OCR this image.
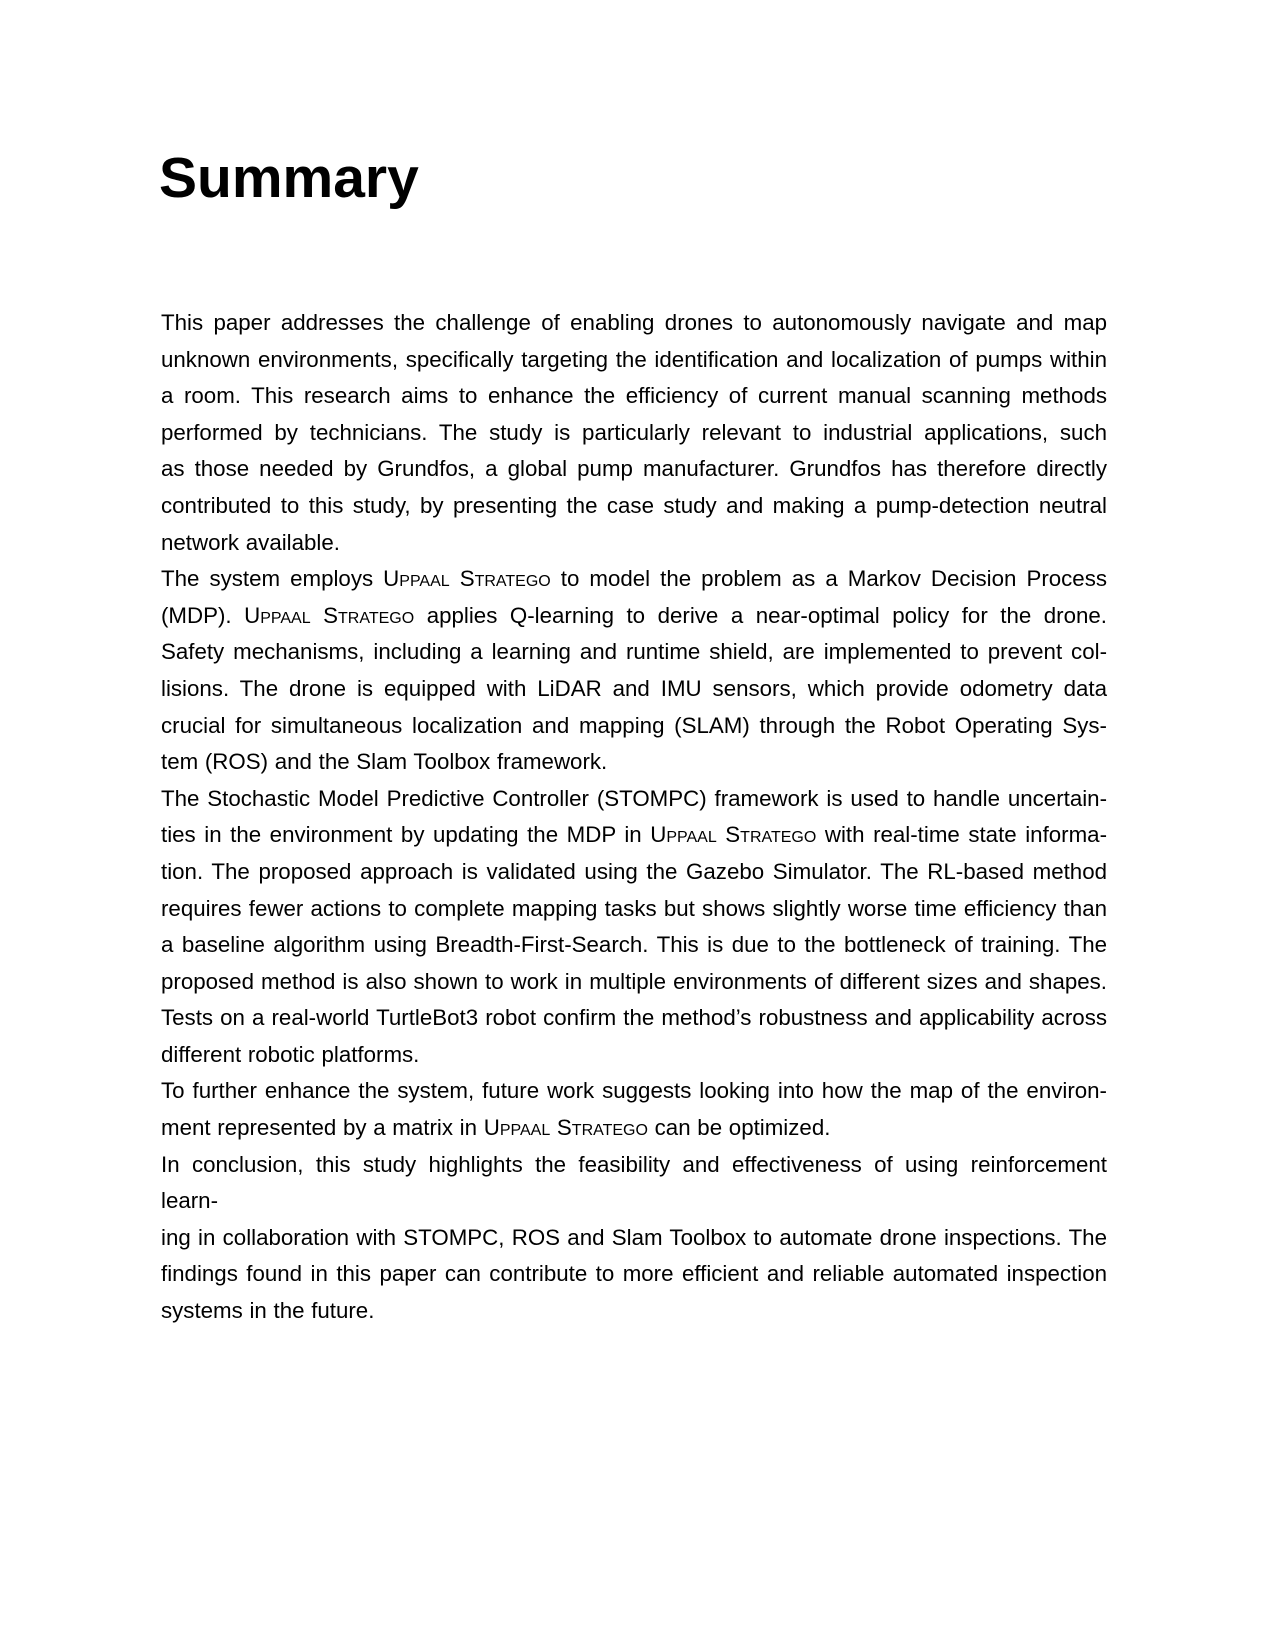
Summary
This paper addresses the challenge of enabling drones to autonomously navigate and map
unknown environments, specifically targeting the identification and localization of pumps within
a room. This research aims to enhance the efficiency of current manual scanning methods
performed by technicians. The study is particularly relevant to industrial applications, such
as those needed by Grundfos, a global pump manufacturer. Grundfos has therefore directly
contributed to this study, by presenting the case study and making a pump-detection neutral
network available.
The system employs Uppaal Stratego to model the problem as a Markov Decision Process
(MDP). Uppaal Stratego applies Q-learning to derive a near-optimal policy for the drone.
Safety mechanisms, including a learning and runtime shield, are implemented to prevent col-
lisions. The drone is equipped with LiDAR and IMU sensors, which provide odometry data
crucial for simultaneous localization and mapping (SLAM) through the Robot Operating Sys-
tem (ROS) and the Slam Toolbox framework.
The Stochastic Model Predictive Controller (STOMPC) framework is used to handle uncertain-
ties in the environment by updating the MDP in Uppaal Stratego with real-time state informa-
tion. The proposed approach is validated using the Gazebo Simulator. The RL-based method
requires fewer actions to complete mapping tasks but shows slightly worse time efficiency than
a baseline algorithm using Breadth-First-Search. This is due to the bottleneck of training. The
proposed method is also shown to work in multiple environments of different sizes and shapes.
Tests on a real-world TurtleBot3 robot confirm the method’s robustness and applicability across
different robotic platforms.
To further enhance the system, future work suggests looking into how the map of the environ-
ment represented by a matrix in Uppaal Stratego can be optimized.
In conclusion, this study highlights the feasibility and effectiveness of using reinforcement learn-
ing in collaboration with STOMPC, ROS and Slam Toolbox to automate drone inspections. The
findings found in this paper can contribute to more efficient and reliable automated inspection
systems in the future.
